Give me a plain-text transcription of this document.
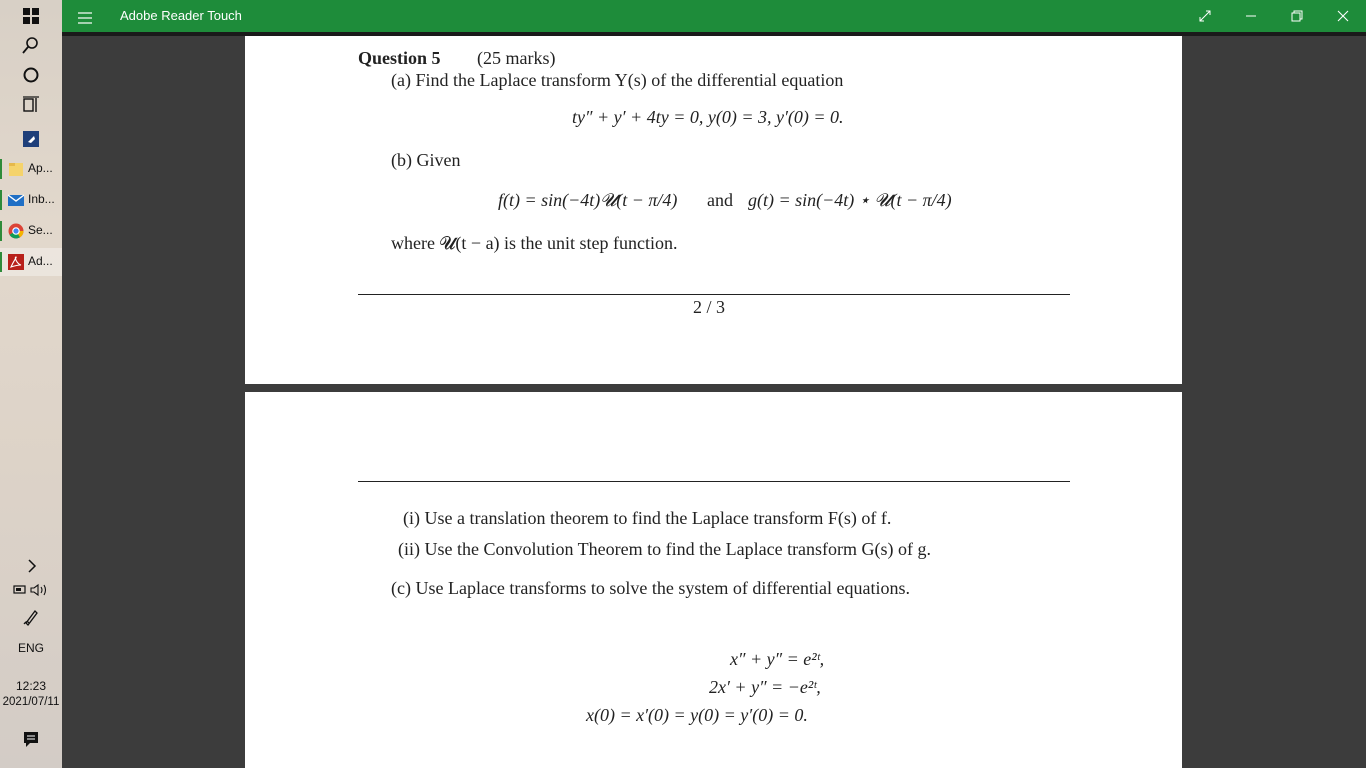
Ap...
Inb...
Se...
Ad...
ENG
12:23
2021/07/11
Adobe Reader Touch
Question 5 (25 marks)
(a) Find the Laplace transform Y(s) of the differential equation
ty″ + y′ + 4ty = 0, y(0) = 3, y′(0) = 0.
(b) Given
f(t) = sin(−4t)𝓤(t − π/4) and g(t) = sin(−4t) ⋆ 𝓤(t − π/4)
where 𝓤(t − a) is the unit step function.
2 / 3
(i) Use a translation theorem to find the Laplace transform F(s) of f.
(ii) Use the Convolution Theorem to find the Laplace transform G(s) of g.
(c) Use Laplace transforms to solve the system of differential equations.
x″ + y″ = e²ᵗ,
2x′ + y″ = −e²ᵗ,
x(0) = x′(0) = y(0) = y′(0) = 0.
